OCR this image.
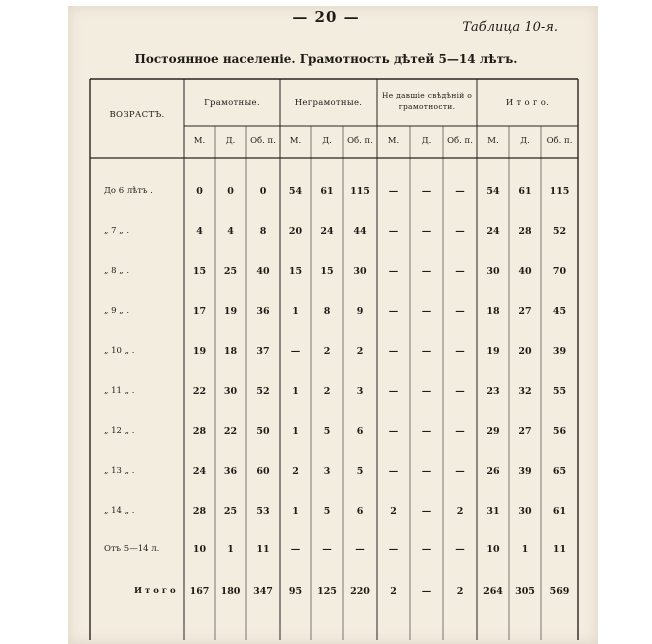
— 20 —
Таблица 10-я.
Постоянное населеніе. Грамотность дѣтей 5—14 лѣтъ.
ВОЗРАСТЪ.
Грамотные.	Неграмотные.
Не давшіе свѣдѣній о грамотности.	И т о г о.
М.	Д.	Об. п.	М.	Д.	Об. п.	М.	Д.	Об. п.	М.	Д.	Об. п.
До 6 лѣтъ .	0	0	0	54	61	115	—	—	—	54	61	115
„ 7 „ .	4	4	8	20	24	44	—	—	—	24	28	52
„ 8 „ .	15	25	40	15	15	30	—	—	—	30	40	70
„ 9 „ .	17	19	36	1	8	9	—	—	—	18	27	45
„ 10 „ .	19	18	37	—	2	2	—	—	—	19	20	39
„ 11 „ .	22	30	52	1	2	3	—	—	—	23	32	55
„ 12 „ .	28	22	50	1	5	6	—	—	—	29	27	56
„ 13 „ .	24	36	60	2	3	5	—	—	—	26	39	65
„ 14 „ .	28	25	53	1	5	6	2	—	2	31	30	61
Отъ 5—14 л.	10	1	11	—	—	—	—	—	—	10	1	11
И т о г о	167	180	347	95	125	220	2	—	2	264	305	569
